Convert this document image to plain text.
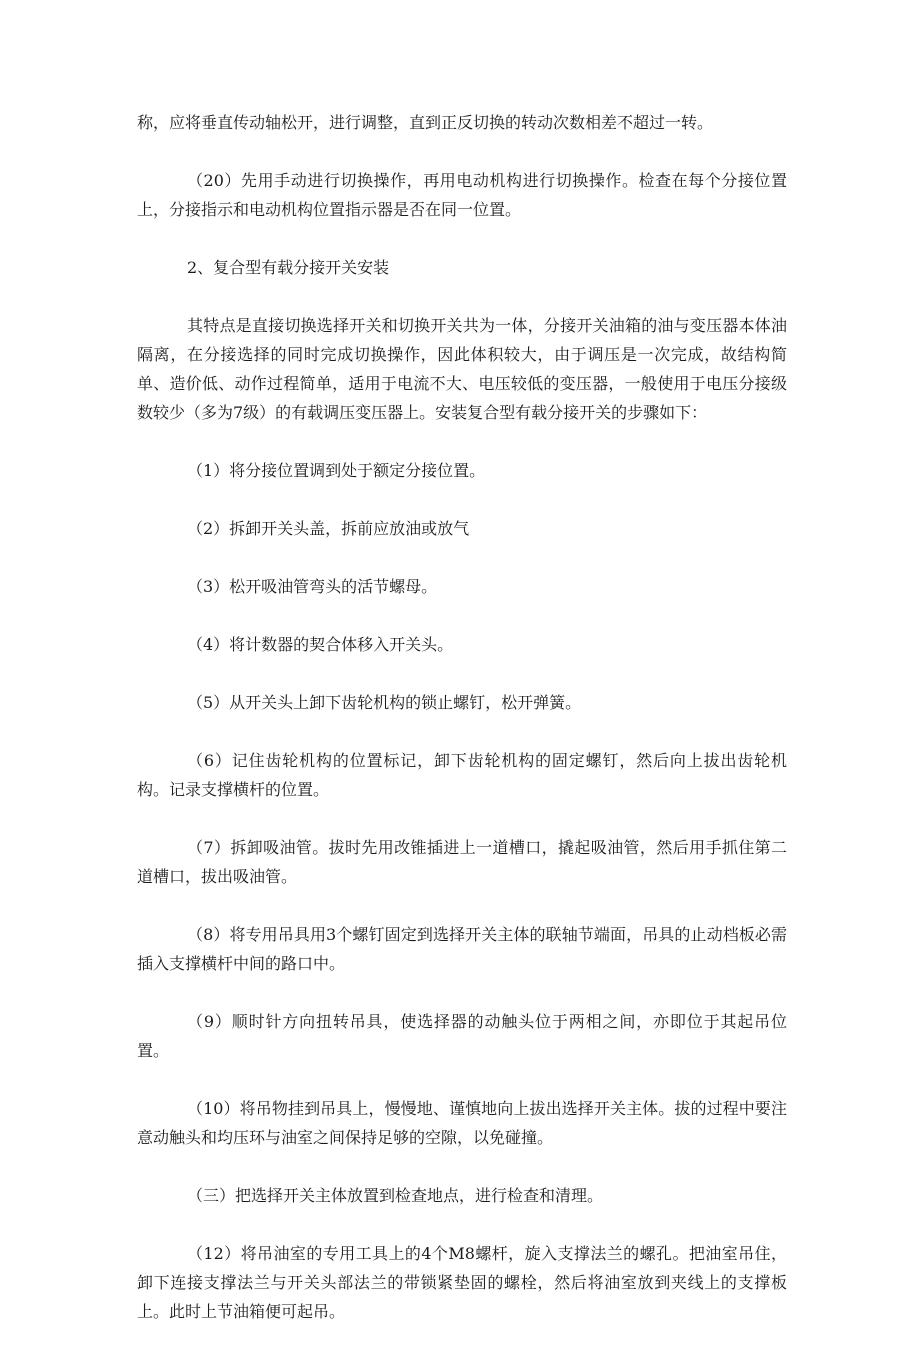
称，应将垂直传动轴松开，进行调整，直到正反切换的转动次数相差不超过一转。

（20）先用手动进行切换操作，再用电动机构进行切换操作。检查在每个分接位置上，分接指示和电动机构位置指示器是否在同一位置。

2、复合型有载分接开关安装

其特点是直接切换选择开关和切换开关共为一体，分接开关油箱的油与变压器本体油隔离，在分接选择的同时完成切换操作，因此体积较大，由于调压是一次完成，故结构简单、造价低、动作过程简单，适用于电流不大、电压较低的变压器，一般使用于电压分接级数较少（多为7级）的有载调压变压器上。安装复合型有载分接开关的步骤如下：

（1）将分接位置调到处于额定分接位置。

（2）拆卸开关头盖，拆前应放油或放气

（3）松开吸油管弯头的活节螺母。

（4）将计数器的契合体移入开关头。

（5）从开关头上卸下齿轮机构的锁止螺钉，松开弹簧。

（6）记住齿轮机构的位置标记，卸下齿轮机构的固定螺钉，然后向上拔出齿轮机构。记录支撑横杆的位置。

（7）拆卸吸油管。拔时先用改锥插进上一道槽口，撬起吸油管，然后用手抓住第二道槽口，拔出吸油管。

（8）将专用吊具用3个螺钉固定到选择开关主体的联轴节端面，吊具的止动档板必需插入支撑横杆中间的路口中。

（9）顺时针方向扭转吊具，使选择器的动触头位于两相之间，亦即位于其起吊位置。

（10）将吊物挂到吊具上，慢慢地、谨慎地向上拔出选择开关主体。拔的过程中要注意动触头和均压环与油室之间保持足够的空隙，以免碰撞。

（三）把选择开关主体放置到检查地点，进行检查和清理。

（12）将吊油室的专用工具上的4个M8螺杆，旋入支撑法兰的螺孔。把油室吊住，卸下连接支撑法兰与开关头部法兰的带锁紧垫固的螺栓，然后将油室放到夹线上的支撑板上。此时上节油箱便可起吊。
